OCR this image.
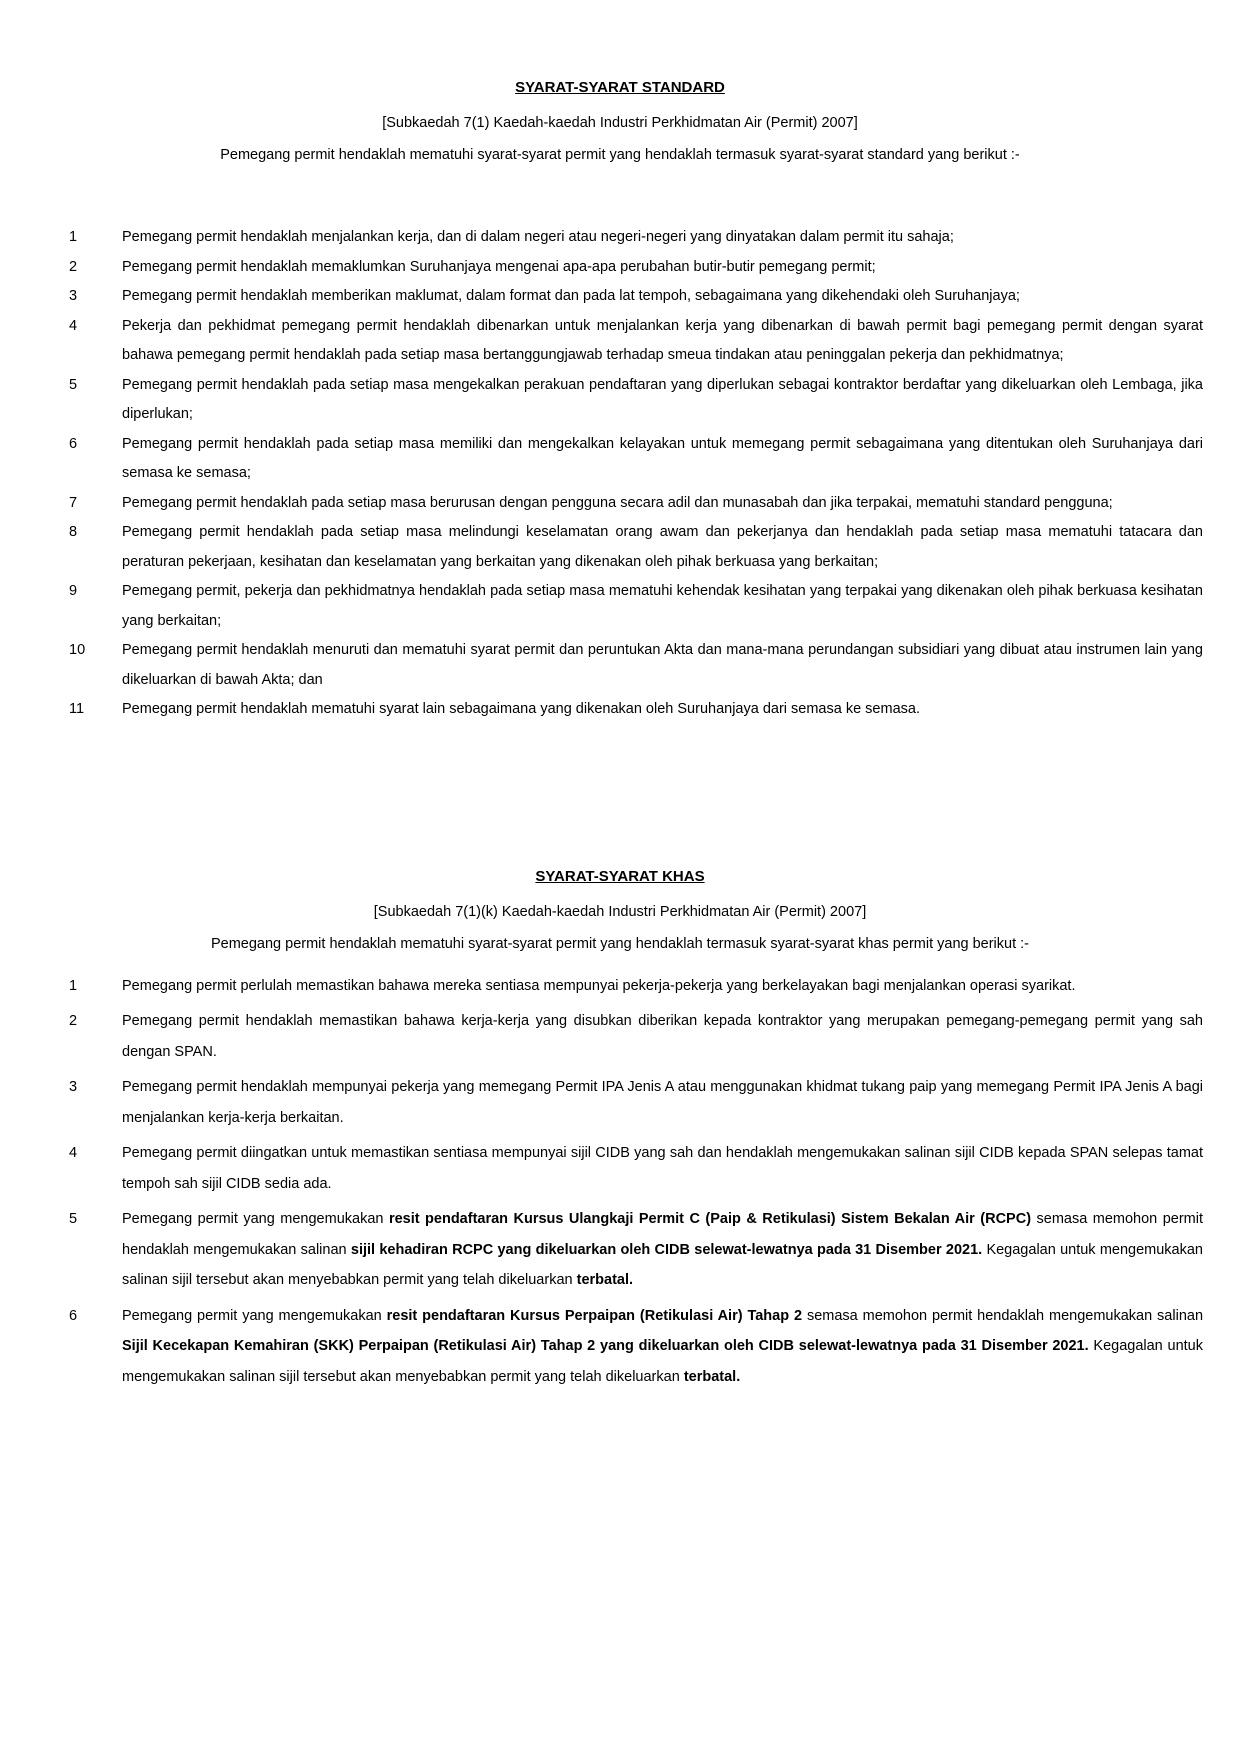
SYARAT-SYARAT STANDARD

[Subkaedah 7(1) Kaedah-kaedah Industri Perkhidmatan Air (Permit) 2007]

Pemegang permit hendaklah mematuhi syarat-syarat permit yang hendaklah termasuk syarat-syarat standard yang berikut :-

1	Pemegang permit hendaklah menjalankan kerja, dan di dalam negeri atau negeri-negeri yang dinyatakan dalam permit itu sahaja;

2	Pemegang permit hendaklah memaklumkan Suruhanjaya mengenai apa-apa perubahan butir-butir pemegang permit;

3	Pemegang permit hendaklah memberikan maklumat, dalam format dan pada lat tempoh, sebagaimana yang dikehendaki oleh Suruhanjaya;

4	Pekerja dan pekhidmat pemegang permit hendaklah dibenarkan untuk menjalankan kerja yang dibenarkan di bawah permit bagi pemegang permit dengan syarat bahawa pemegang permit hendaklah pada setiap masa bertanggungjawab terhadap smeua tindakan atau peninggalan pekerja dan pekhidmatnya;

5	Pemegang permit hendaklah pada setiap masa mengekalkan perakuan pendaftaran yang diperlukan sebagai kontraktor berdaftar yang dikeluarkan oleh Lembaga, jika diperlukan;

6	Pemegang permit hendaklah pada setiap masa memiliki dan mengekalkan kelayakan untuk memegang permit sebagaimana yang ditentukan oleh Suruhanjaya dari semasa ke semasa;

7	Pemegang permit hendaklah pada setiap masa berurusan dengan pengguna secara adil dan munasabah dan jika terpakai, mematuhi standard pengguna;

8	Pemegang permit hendaklah pada setiap masa melindungi keselamatan orang awam dan pekerjanya dan hendaklah pada setiap masa mematuhi tatacara dan peraturan pekerjaan, kesihatan dan keselamatan yang berkaitan yang dikenakan oleh pihak berkuasa yang berkaitan;

9	Pemegang permit, pekerja dan pekhidmatnya hendaklah pada setiap masa mematuhi kehendak kesihatan yang terpakai yang dikenakan oleh pihak berkuasa kesihatan yang berkaitan;

10	Pemegang permit hendaklah menuruti dan mematuhi syarat permit dan peruntukan Akta dan mana-mana perundangan subsidiari yang dibuat atau instrumen lain yang dikeluarkan di bawah Akta; dan

11	Pemegang permit hendaklah mematuhi syarat lain sebagaimana yang dikenakan oleh Suruhanjaya dari semasa ke semasa.

SYARAT-SYARAT KHAS

[Subkaedah 7(1)(k) Kaedah-kaedah Industri Perkhidmatan Air (Permit) 2007]

Pemegang permit hendaklah mematuhi syarat-syarat permit yang hendaklah termasuk syarat-syarat khas permit yang berikut :-

1	Pemegang permit perlulah memastikan bahawa mereka sentiasa mempunyai pekerja-pekerja yang berkelayakan bagi menjalankan operasi syarikat.

2	Pemegang permit hendaklah memastikan bahawa kerja-kerja yang disubkan diberikan kepada kontraktor yang merupakan pemegang-pemegang permit yang sah dengan SPAN.

3	Pemegang permit hendaklah mempunyai pekerja yang memegang Permit IPA Jenis A atau menggunakan khidmat tukang paip yang memegang Permit IPA Jenis A bagi menjalankan kerja-kerja berkaitan.

4	Pemegang permit diingatkan untuk memastikan sentiasa mempunyai sijil CIDB yang sah dan hendaklah mengemukakan salinan sijil CIDB kepada SPAN selepas tamat tempoh sah sijil CIDB sedia ada.

5	Pemegang permit yang mengemukakan resit pendaftaran Kursus Ulangkaji Permit C (Paip & Retikulasi) Sistem Bekalan Air (RCPC) semasa memohon permit hendaklah mengemukakan salinan sijil kehadiran RCPC yang dikeluarkan oleh CIDB selewat-lewatnya pada 31 Disember 2021. Kegagalan untuk mengemukakan salinan sijil tersebut akan menyebabkan permit yang telah dikeluarkan terbatal.

6	Pemegang permit yang mengemukakan resit pendaftaran Kursus Perpaipan (Retikulasi Air) Tahap 2 semasa memohon permit hendaklah mengemukakan salinan Sijil Kecekapan Kemahiran (SKK) Perpaipan (Retikulasi Air) Tahap 2 yang dikeluarkan oleh CIDB selewat-lewatnya pada 31 Disember 2021. Kegagalan untuk mengemukakan salinan sijil tersebut akan menyebabkan permit yang telah dikeluarkan terbatal.
